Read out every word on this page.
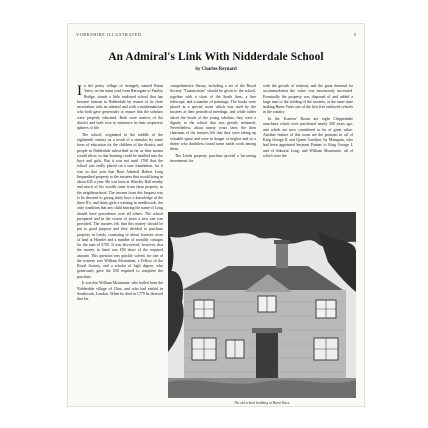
YORKSHIRE ILLUSTRATED	5
An Admiral's Link With Nidderdale School
by Charles Reynard

In the pretty village of strangely named Burnt Yates, on the main road from Harrogate to Pateley Bridge, stands a little endowed school that has become famous in Nidderdale by reason of its close association with an admiral and with a mathematician who both gave generously to ensure that the scholars were properly educated. Both were natives of the district and both rose to eminence in their respective spheres of life.

The school, originated in the middle of the eighteenth century as a result of a stimulus by some form of education for the children of the district, and people in Nidderdale subscribed as far as their means would allow, so that learning could be instilled into the boys and girls. But it was not until 1760 that the school was really placed on a sure foundation, for it was in that year that Rear Admiral Robert Long bequeathed property to the trustees that would bring in about £45 a year. He was born at Winsley Hall nearby and much of his wealth came from farm property in the neighbourhood. The income from this bequest was to be devoted to giving thirty boys a knowledge of the three R's, and thirty girls a training in needlework, the only condition that any child bearing the name of Long should have precedence over all others. The school prospered and in the course of years a new one was provided. The trustees felt that this money should be put to good purpose and they decided to purchase property in Leeds, consisting of about fourteen acres of land at Hunslet and a number of monthly cottages for the sum of £750. It was discovered, however, that the money in hand was £50 short of the required amount. This question was quickly solved, for one of the trustees was William Mountaine, a Fellow of the Royal Society, and a scholar of high degree, who generously gave the £50 required to complete the purchase.

It was this William Mountaine, who hailed from the Nidderdale village of Clint, and who had settled in Southwark, London. When he died in 1779 he directed that his

comprehensive library, including a set of the Royal Society "Transactions" should be given to the school, together with a chart of the South Seas, a fine telescope, and a number of paintings. The books were placed in a special room which was used by the trustees at their periodical meetings, and while rather above the heads of the young scholars, they were a dignity to the school that was greatly treasured. Nevertheless, about ninety years later, the then chairman of the trustees felt that they were taking up valuable space and were in danger of neglect and so a dealer who doubtless found some noble work among them.

The Leeds property purchase proved a far-seeing investment, for

with the growth of industry and the great demand for accommodation the value was enormously increased. Eventually the property was disposed of and added a large sum to the holding of the trustees, at the same time making Burnt Yates one of the first free endowed schools in the country.

In the Trustees' Room are eight Chippendale armchairs which were purchased nearly 200 years ago, and which are now considered to be of great value. Another feature of this room are the portraits in oil of King George II and Queen Caroline, by Mainguin, who had been appointed Serjeant Painter to King George I, and of Admiral Long, and William Mountaine, all of which were the

The old school building at Burnt Yates.
